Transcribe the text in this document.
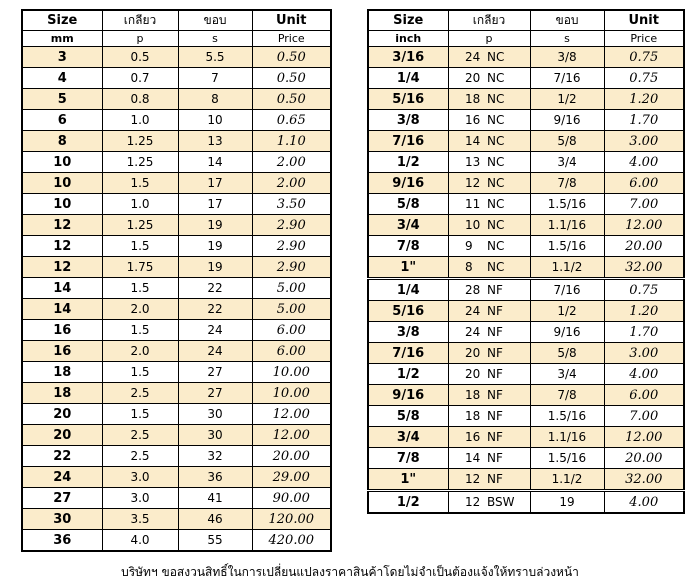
Size	เกลียว	ขอบ	Unit
mm	p	s	Price
3	0.5	5.5	0.50
4	0.7	7	0.50
5	0.8	8	0.50
6	1.0	10	0.65
8	1.25	13	1.10
10	1.25	14	2.00
10	1.5	17	2.00
10	1.0	17	3.50
12	1.25	19	2.90
12	1.5	19	2.90
12	1.75	19	2.90
14	1.5	22	5.00
14	2.0	22	5.00
16	1.5	24	6.00
16	2.0	24	6.00
18	1.5	27	10.00
18	2.5	27	10.00
20	1.5	30	12.00
20	2.5	30	12.00
22	2.5	32	20.00
24	3.0	36	29.00
27	3.0	41	90.00
30	3.5	46	120.00
36	4.0	55	420.00
Size	เกลียว	ขอบ	Unit
inch	p	s	Price
3/16	24 NC	3/8	0.75
1/4	20 NC	7/16	0.75
5/16	18 NC	1/2	1.20
3/8	16 NC	9/16	1.70
7/16	14 NC	5/8	3.00
1/2	13 NC	3/4	4.00
9/16	12 NC	7/8	6.00
5/8	11 NC	1.5/16	7.00
3/4	10 NC	1.1/16	12.00
7/8	9 NC	1.5/16	20.00
1"	8 NC	1.1/2	32.00
1/4	28 NF	7/16	0.75
5/16	24 NF	1/2	1.20
3/8	24 NF	9/16	1.70
7/16	20 NF	5/8	3.00
1/2	20 NF	3/4	4.00
9/16	18 NF	7/8	6.00
5/8	18 NF	1.5/16	7.00
3/4	16 NF	1.1/16	12.00
7/8	14 NF	1.5/16	20.00
1"	12 NF	1.1/2	32.00
1/2	12 BSW	19	4.00
บริษัทฯ ขอสงวนสิทธิ์ในการเปลี่ยนแปลงราคาสินค้าโดยไม่จำเป็นต้องแจ้งให้ทราบล่วงหน้า
